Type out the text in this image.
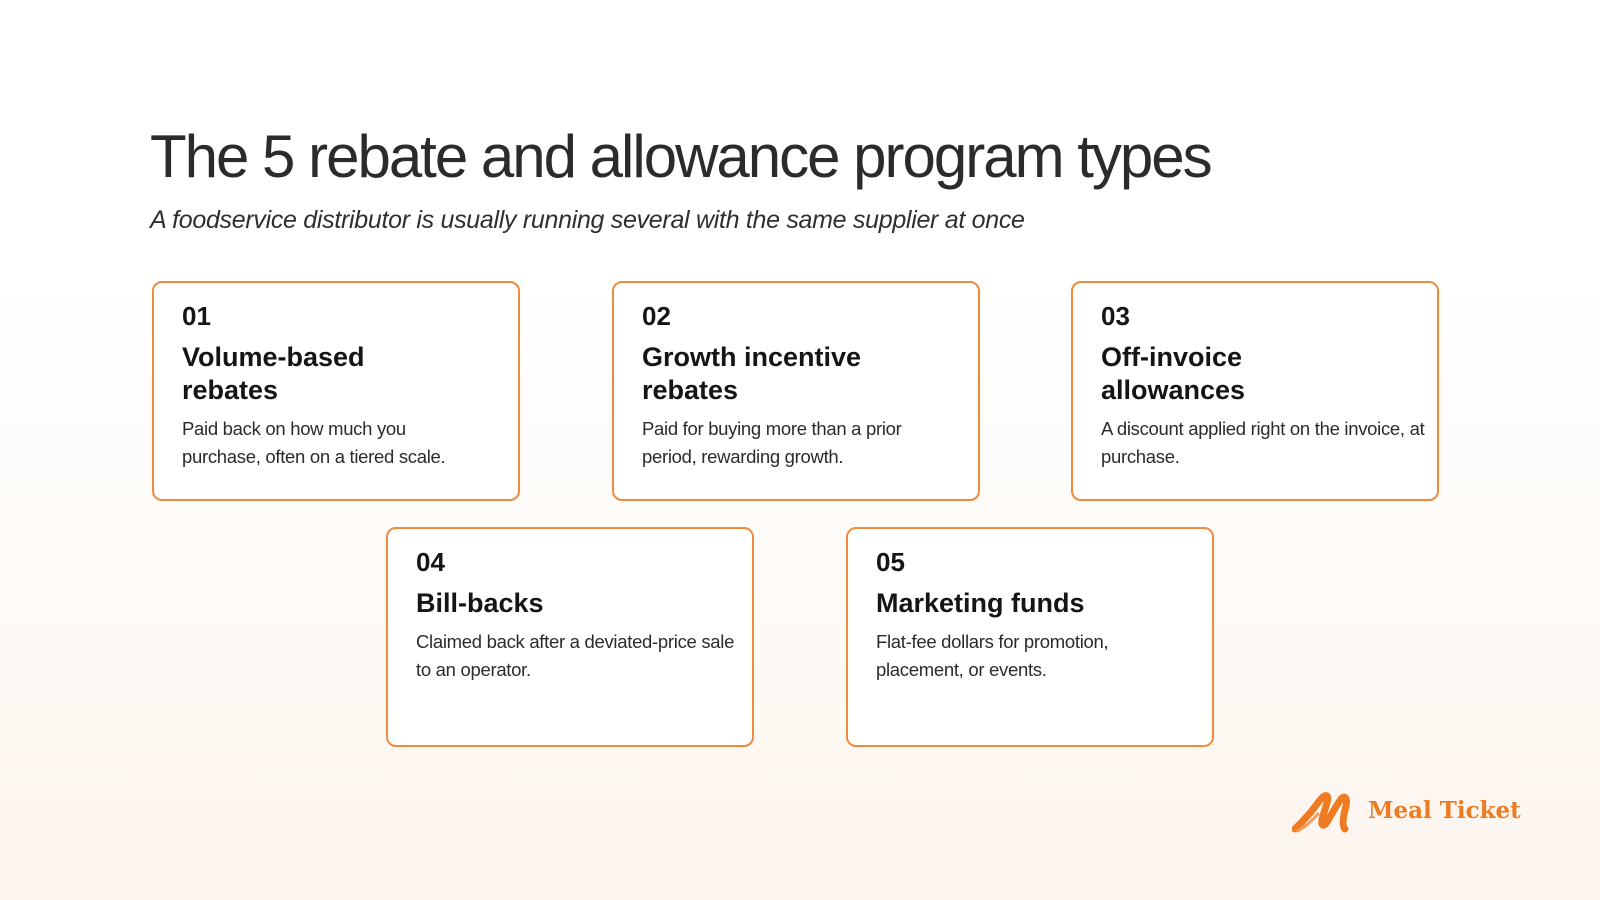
The 5 rebate and allowance program types

A foodservice distributor is usually running several with the same supplier at once

01
Volume-based rebates
Paid back on how much you purchase, often on a tiered scale.
02
Growth incentive rebates
Paid for buying more than a prior period, rewarding growth.
03
Off-invoice allowances
A discount applied right on the invoice, at purchase.
04
Bill-backs
Claimed back after a deviated-price sale to an operator.
05
Marketing funds
Flat-fee dollars for promotion, placement, or events.
Meal Ticket
